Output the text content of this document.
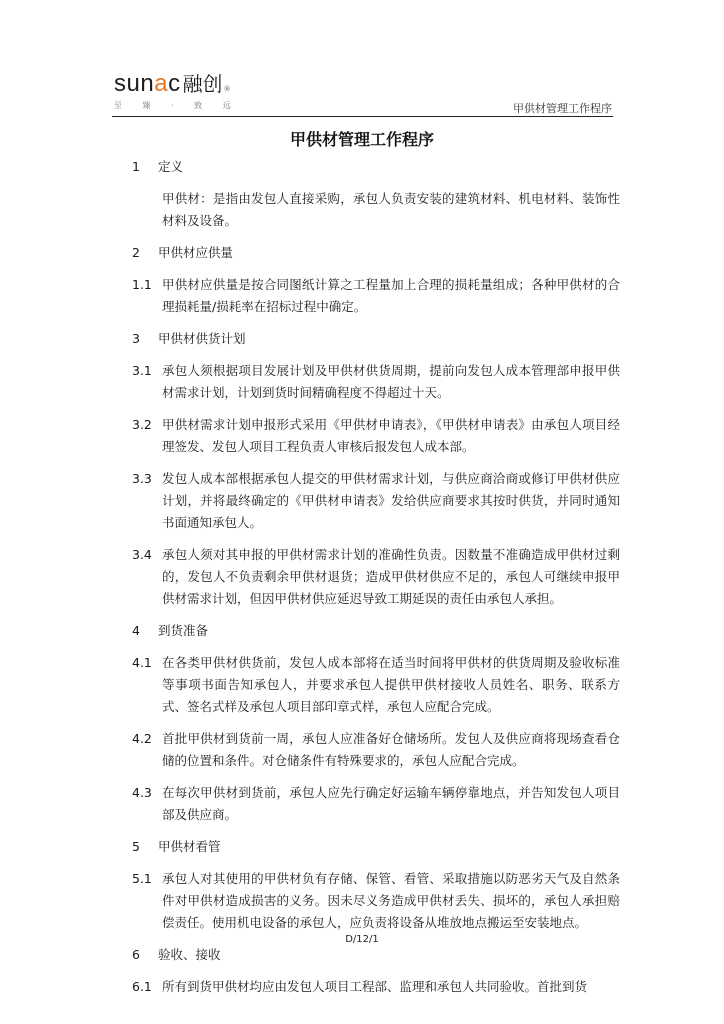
sunac 融创 ®
至 臻 · 致 远	甲供材管理工作程序
甲供材管理工作程序
1	定义
甲供材：是指由发包人直接采购，承包人负责安装的建筑材料、机电材料、装饰性材料及设备。
2	甲供材应供量
1.1 甲供材应供量是按合同图纸计算之工程量加上合理的损耗量组成；各种甲供材的合理损耗量/损耗率在招标过程中确定。
3	甲供材供货计划
3.1 承包人须根据项目发展计划及甲供材供货周期，提前向发包人成本管理部申报甲供材需求计划，计划到货时间精确程度不得超过十天。
3.2 甲供材需求计划申报形式采用《甲供材申请表》，《甲供材申请表》由承包人项目经理签发、发包人项目工程负责人审核后报发包人成本部。
3.3 发包人成本部根据承包人提交的甲供材需求计划，与供应商洽商或修订甲供材供应计划，并将最终确定的《甲供材申请表》发给供应商要求其按时供货，并同时通知书面通知承包人。
3.4 承包人须对其申报的甲供材需求计划的准确性负责。因数量不准确造成甲供材过剩的，发包人不负责剩余甲供材退货；造成甲供材供应不足的，承包人可继续申报甲供材需求计划，但因甲供材供应延迟导致工期延误的责任由承包人承担。
4	到货准备
4.1 在各类甲供材供货前，发包人成本部将在适当时间将甲供材的供货周期及验收标准等事项书面告知承包人，并要求承包人提供甲供材接收人员姓名、职务、联系方式、签名式样及承包人项目部印章式样，承包人应配合完成。
4.2 首批甲供材到货前一周，承包人应准备好仓储场所。发包人及供应商将现场查看仓储的位置和条件。对仓储条件有特殊要求的，承包人应配合完成。
4.3 在每次甲供材到货前，承包人应先行确定好运输车辆停靠地点，并告知发包人项目部及供应商。
5	甲供材看管
5.1 承包人对其使用的甲供材负有存储、保管、看管、采取措施以防恶劣天气及自然条件对甲供材造成损害的义务。因未尽义务造成甲供材丢失、损坏的，承包人承担赔偿责任。使用机电设备的承包人，应负责将设备从堆放地点搬运至安装地点。
6	验收、接收
6.1 所有到货甲供材均应由发包人项目工程部、监理和承包人共同验收。首批到货
D/12/1
